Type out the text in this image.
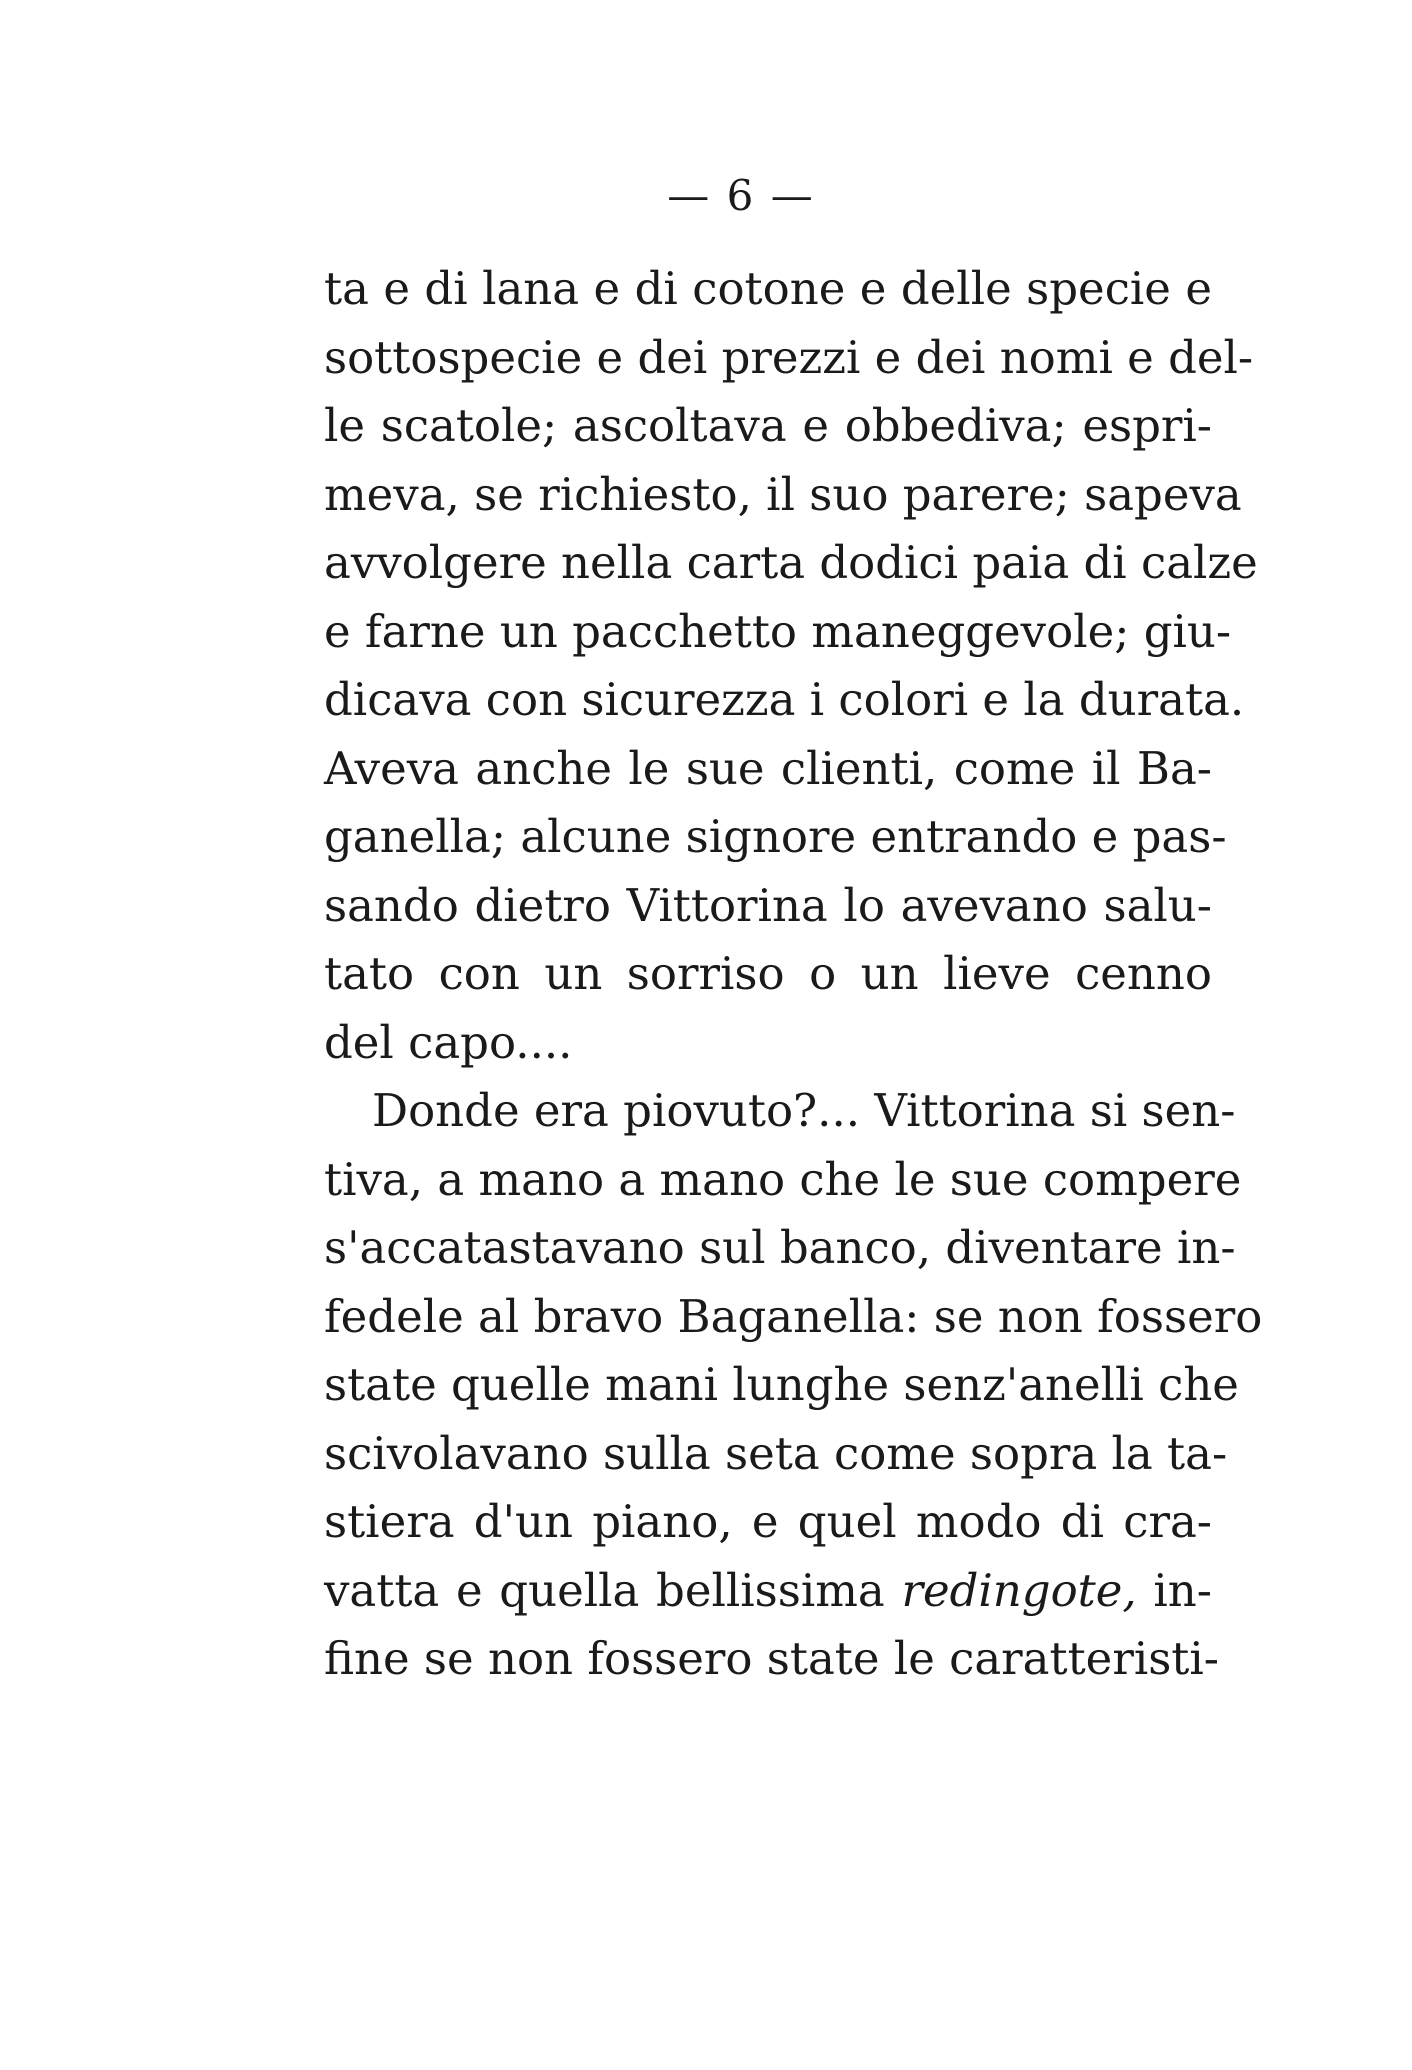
— 6 —
ta e di lana e di cotone e delle specie e
sottospecie e dei prezzi e dei nomi e del-
le scatole; ascoltava e obbediva; espri-
meva, se richiesto, il suo parere; sapeva
avvolgere nella carta dodici paia di calze
e farne un pacchetto maneggevole; giu-
dicava con sicurezza i colori e la durata.
Aveva anche le sue clienti, come il Ba-
ganella; alcune signore entrando e pas-
sando dietro Vittorina lo avevano salu-
tato con un sorriso o un lieve cenno
del capo....
Donde era piovuto?... Vittorina si sen-
tiva, a mano a mano che le sue compere
s'accatastavano sul banco, diventare in-
fedele al bravo Baganella: se non fossero
state quelle mani lunghe senz'anelli che
scivolavano sulla seta come sopra la ta-
stiera d'un piano, e quel modo di cra-
vatta e quella bellissima redingote, in-
fine se non fossero state le caratteristi-
